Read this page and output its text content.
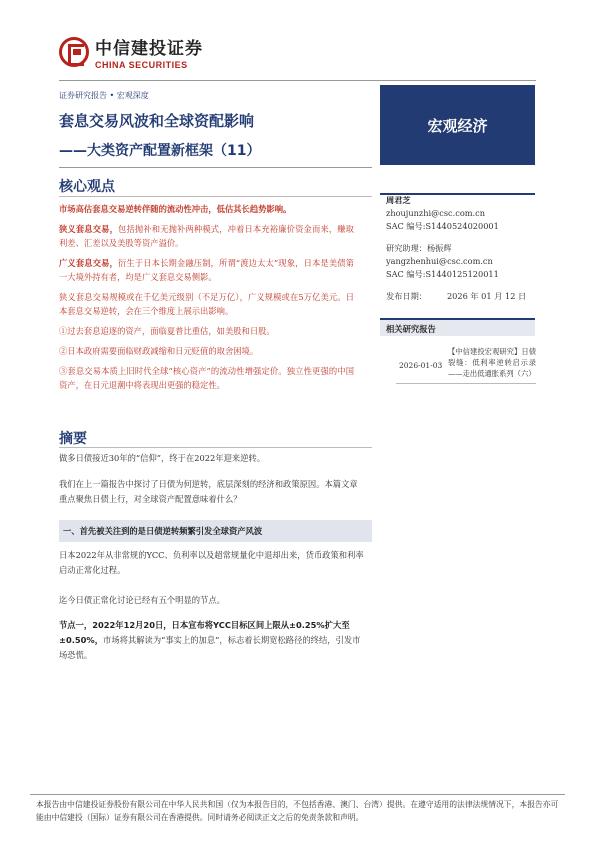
中信建投证券
CHINA SECURITIES
证券研究报告 • 宏观深度
套息交易风波和全球资配影响
——大类资产配置新框架（11）
宏观经济
核心观点
市场高估套息交易逆转伴随的流动性冲击，低估其长趋势影响。
狭义套息交易，包括抛补和无抛补两种模式，冲着日本充裕廉价资金而来，赚取利差、汇差以及美股等资产溢价。
广义套息交易，衍生于日本长期金融压制，所谓“渡边太太”现象，日本是美债第一大境外持有者，均是广义套息交易侧影。
狭义套息交易规模或在千亿美元级别（不足万亿），广义规模或在5万亿美元。日本套息交易逆转，会在三个维度上展示出影响。
①过去套息追逐的资产，面临夏普比重估，如美股和日股。
②日本政府需要面临财政减缩和日元贬值的取舍困境。
③套息交易本质上旧时代全球“核心资产”的流动性增强定价。独立性更强的中国资产，在日元退潮中将表现出更强的稳定性。
摘要
做多日债接近30年的“信仰”，终于在2022年迎来逆转。
我们在上一篇报告中探讨了日债为何逆转，底层深刻的经济和政策原因。本篇文章重点聚焦日债上行，对全球资产配置意味着什么？
一、首先被关注到的是日债逆转频繁引发全球资产风波
日本2022年从非常规的YCC、负利率以及超常规量化中退却出来，货币政策和利率启动正常化过程。
迄今日债正常化讨论已经有五个明显的节点。
节点一，2022年12月20日，日本宣布将YCC目标区间上限从±0.25%扩大至±0.50%，市场将其解读为“事实上的加息”，标志着长期宽松路径的终结，引发市场恐慌。
周君芝
zhoujunzhi@csc.com.cn
SAC 编号:S1440524020001
研究助理：杨振辉
yangzhenhui@csc.com.cn
SAC 编号:S1440125120011
发布日期： 2026 年 01 月 12 日
相关研究报告
2026-01-03
【中信建投宏观研究】日债裂缝：低利率逆转启示录——走出低通胀系列（六）
本报告由中信建投证券股份有限公司在中华人民共和国（仅为本报告目的，不包括香港、澳门、台湾）提供。在遵守适用的法律法规情况下，本报告亦可能由中信建投（国际）证券有限公司在香港提供。同时请务必阅读正文之后的免责条款和声明。
